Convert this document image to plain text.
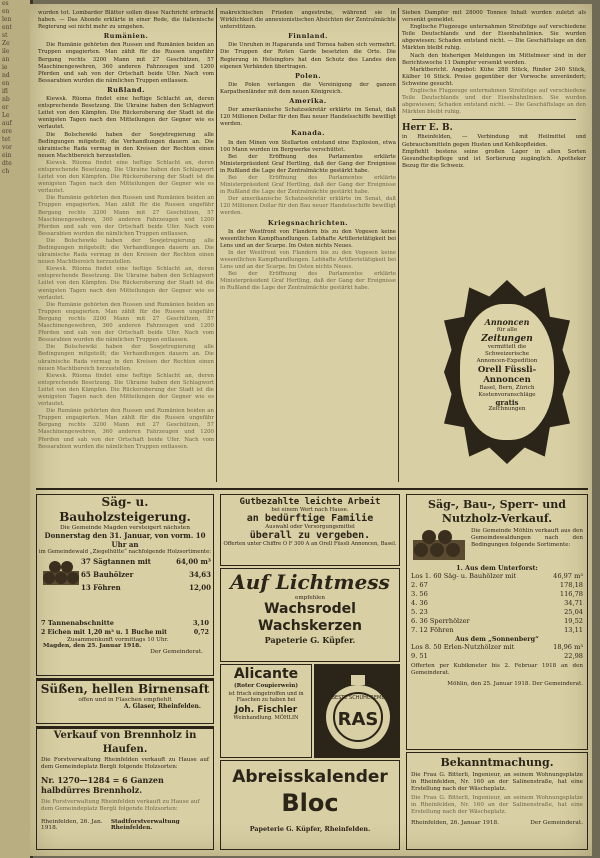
es
en
len
ent
st
Ze
ile
an
ie
nd
en
ifl
nb
er
Le
auf
ere
tet
vor
ein
dte
ch

wurden tot. Lombarder Blätter sollen diese Nachricht erbracht haben. — Das Abonde erklärte in einer Rede, die italienische Regierung sei nicht mehr zu umgehen.

Rumänien.

Die Rumänie gehörten den Russen und Rumänien beiden an Truppen engagierten. Man zählt für die Russen ungefähr Bergang rechts 3200 Mann mit 27 Geschützen, 57 Maschinengewehren, 360 anderen Fahrzeugen und 1200 Pferden und sah von der Ortschaft beide Ufer. Nach vom Bessarabien wurden die nämlichen Truppen entlassen.

Rußland.

Kiewsk. Rüoma findet eine heftige Schlacht an, deren entsprechende Besetzung. Die Ukraine haben den Schlagwort Leitet von den Kämpfen. Die Rückeroberung der Stadt ist die wenigsten Tagen nach den Mitteilungen der Gegner wie es verlautet.

Die Bolschewiki haben der Sowjetregierung alle Bedingungen mitgeteilt; die Verhandlungen dauern an. Die ukrainische Rada vermag in den Kreisen der Rechten einen neuen Machtbereich herzustellen.

Kiewsk. Rüoma findet eine heftige Schlacht an, deren entsprechende Besetzung. Die Ukraine haben den Schlagwort Leitet von den Kämpfen. Die Rückeroberung der Stadt ist die wenigsten Tagen nach den Mitteilungen der Gegner wie es verlautet.

Die Rumänie gehörten den Russen und Rumänien beiden an Truppen engagierten. Man zählt für die Russen ungefähr Bergang rechts 3200 Mann mit 27 Geschützen, 57 Maschinengewehren, 360 anderen Fahrzeugen und 1200 Pferden und sah von der Ortschaft beide Ufer. Nach vom Bessarabien wurden die nämlichen Truppen entlassen.

Die Bolschewiki haben der Sowjetregierung alle Bedingungen mitgeteilt; die Verhandlungen dauern an. Die ukrainische Rada vermag in den Kreisen der Rechten einen neuen Machtbereich herzustellen.

Kiewsk. Rüoma findet eine heftige Schlacht an, deren entsprechende Besetzung. Die Ukraine haben den Schlagwort Leitet von den Kämpfen. Die Rückeroberung der Stadt ist die wenigsten Tagen nach den Mitteilungen der Gegner wie es verlautet.

Die Rumänie gehörten den Russen und Rumänien beiden an Truppen engagierten. Man zählt für die Russen ungefähr Bergang rechts 3200 Mann mit 27 Geschützen, 57 Maschinengewehren, 360 anderen Fahrzeugen und 1200 Pferden und sah von der Ortschaft beide Ufer. Nach vom Bessarabien wurden die nämlichen Truppen entlassen.

Die Bolschewiki haben der Sowjetregierung alle Bedingungen mitgeteilt; die Verhandlungen dauern an. Die ukrainische Rada vermag in den Kreisen der Rechten einen neuen Machtbereich herzustellen.

Kiewsk. Rüoma findet eine heftige Schlacht an, deren entsprechende Besetzung. Die Ukraine haben den Schlagwort Leitet von den Kämpfen. Die Rückeroberung der Stadt ist die wenigsten Tagen nach den Mitteilungen der Gegner wie es verlautet.

Die Rumänie gehörten den Russen und Rumänien beiden an Truppen engagierten. Man zählt für die Russen ungefähr Bergang rechts 3200 Mann mit 27 Geschützen, 57 Maschinengewehren, 360 anderen Fahrzeugen und 1200 Pferden und sah von der Ortschaft beide Ufer. Nach vom Bessarabien wurden die nämlichen Truppen entlassen.

makreichischen Frieden angestrebe, während sie in Wirklichkeit die annexionistischen Absichten der Zentralmächte unterstützen.

Finnland.

Die Unruhen in Haparanda und Tornea haben sich vermehrt. Die Truppen der Roten Garde besetzten die Orte. Die Regierung in Helsingfors hat den Schutz des Landes den eigenen Verbänden übertragen.

Polen.

Die Polen verlangen die Vereinigung der ganzen Karpathenländer mit dem neuen Königreich.

Amerika.

Der amerikanische Schatzsekretär erklärte im Senat, daß 120 Millionen Dollar für den Bau neuer Handelsschiffe bewilligt werden.

Kanada.

In den Minen von Stellarton entstand eine Explosion, etwa 100 Mann wurden im Bergwerke verschüttet.

Bei der Eröffnung des Parlamentes erklärte Ministerpräsident Graf Hertling, daß der Gang der Ereignisse in Rußland die Lage der Zentralmächte gestärkt habe.

Bei der Eröffnung des Parlamentes erklärte Ministerpräsident Graf Hertling, daß der Gang der Ereignisse in Rußland die Lage der Zentralmächte gestärkt habe.

Der amerikanische Schatzsekretär erklärte im Senat, daß 120 Millionen Dollar für den Bau neuer Handelsschiffe bewilligt werden.

Kriegsnachrichten.

In der Westfront von Flandern bis zu den Vogesen keine wesentlichen Kampfhandlungen. Lebhafte Artillerietätigkeit bei Lens und an der Scarpe. Im Osten nichts Neues.

In der Westfront von Flandern bis zu den Vogesen keine wesentlichen Kampfhandlungen. Lebhafte Artillerietätigkeit bei Lens und an der Scarpe. Im Osten nichts Neues.

Bei der Eröffnung des Parlamentes erklärte Ministerpräsident Graf Hertling, daß der Gang der Ereignisse in Rußland die Lage der Zentralmächte gestärkt habe.

Sieben Dampfer mit 28000 Tonnen Inhalt wurden zuletzt als versenkt gemeldet.

Englische Flugzeuge unternahmen Streifzüge auf verschiedene Teile Deutschlands und der Eisenbahnlinien. Sie wurden abgewiesen; Schaden entstand nicht. — Die Geschäftslage an den Märkten bleibt ruhig.

Nach den bisherigen Meldungen im Mittelmeer sind in der Berichtswoche 11 Dampfer versenkt worden.

Marktbericht. Angebot: Kühe 288 Stück, Rinder 240 Stück, Kälber 16 Stück. Preise gegenüber der Vorwoche unverändert; Schweine gesucht.

Englische Flugzeuge unternahmen Streifzüge auf verschiedene Teile Deutschlands und der Eisenbahnlinien. Sie wurden abgewiesen; Schaden entstand nicht. — Die Geschäftslage an den Märkten bleibt ruhig.

Herr E. B.

in Rheinfelden, — Verbindung mit Heilmittel und Gebrauchsmitteln gegen Husten und Kehlkopfleiden.

Empfiehlt bestens seine großen Lager in allen Sorten Gesundheitspflege und ist Sortierung zugänglich. Apotheker Bezug für die Schweiz.

Annoncen
für alle
Zeitungen
vermittelt die
Schweizerische
Annoncen-Expedition
Orell Füssli-
Annoncen
Basel, Bern, Zürich
Kostenvoranschläge
gratis
Zeichnungen
Säg- u. Bauholzsteigerung.
Die Gemeinde Magden versteigert nächsten
Donnerstag den 31. Januar, von vorm. 10 Uhr an
im Gemeindewald „Ziegelhütte“ nachfolgende Holzsortimente:
37 Sägtannen mit	64,00 m³
65 Bauhölzer	34,63
13 Föhren	12,00
7 Tannenabschnitte	3,10
2 Eichen mit 1,20 m³ u. 1 Buche mit	0,72
Zusammenkunft vormittags 10 Uhr.
Magden, den 25. Januar 1918.
Der Gemeinderat.
Süßen, hellen Birnensaft
offen und in Flaschen empfiehlt
A. Glaser, Rheinfelden.
Verkauf von Brennholz in Haufen.
Die Forstverwaltung Rheinfelden verkauft zu Hause auf dem Gemeindeplatz Bergli folgende Holzsorten:
Nr. 1270—1284 = 6 Ganzen halbdürres Brennholz.
Die Forstverwaltung Rheinfelden verkauft zu Hause auf dem Gemeindeplatz Bergli folgende Holzsorten:
Rheinfelden, 26. Jan. 1918.
Stadtforstverwaltung Rheinfelden.
Gutbezahlte leichte Arbeit
bei einem Wert nach Hause.
an bedürftige Familie
Auswahl oder Versorgungsmittel
überall zu vergeben.
Offerten unter Chiffre O F 300 A an Orell Füssli Annoncen, Basel.
Auf Lichtmess
empfehlen
Wachsrodel
Wachskerzen
Papeterie G. Küpfer.
Alicante
(Roter Coupierwein)
ist frisch eingetroffen und in Flaschen zu haben bei
Joh. Fischler
Weinhandlung. MÖHLIN	RAS
BESTE SCHUHCREME
Abreisskalender
Bloc
Papeterie G. Küpfer, Rheinfelden.
Säg-, Bau-, Sperr- und Nutzholz-Verkauf.
Die Gemeinde Möhlin verkauft aus den Gemeindewaldungen nach den Bedingungen folgende Sortimente:
1. Aus dem Unterforst:
Los 1. 60 Säg- u. Bauhölzer mit	46,97 m³
2. 67	178,18
3. 56	116,78
4. 36	34,71
5. 23	25,04
6. 36 Sperrhölzer	19,52
7. 12 Föhren	13,11
Aus dem „Sonnenberg“
Los 8. 50 Erlen-Nutzhölzer mit	18,96 m³
9. 51	22,98
Offerten per Kubikmeter bis 2. Februar 1918 an den Gemeinderat.
Möhlin, den 25. Januar 1918. Der Gemeinderat.
Bekanntmachung.
Die Frau G. Bitterli, Ingenieur, an seinem Wohnungsplatze in Rheinfelden, Nr. 160 an der Salinenstraße, hat eine Erstellung nach der Wäscheplatz.
Die Frau G. Bitterli, Ingenieur, an seinem Wohnungsplatze in Rheinfelden, Nr. 160 an der Salinenstraße, hat eine Erstellung nach der Wäscheplatz.
Rheinfelden, 26. Januar 1918.	Der Gemeinderat.
